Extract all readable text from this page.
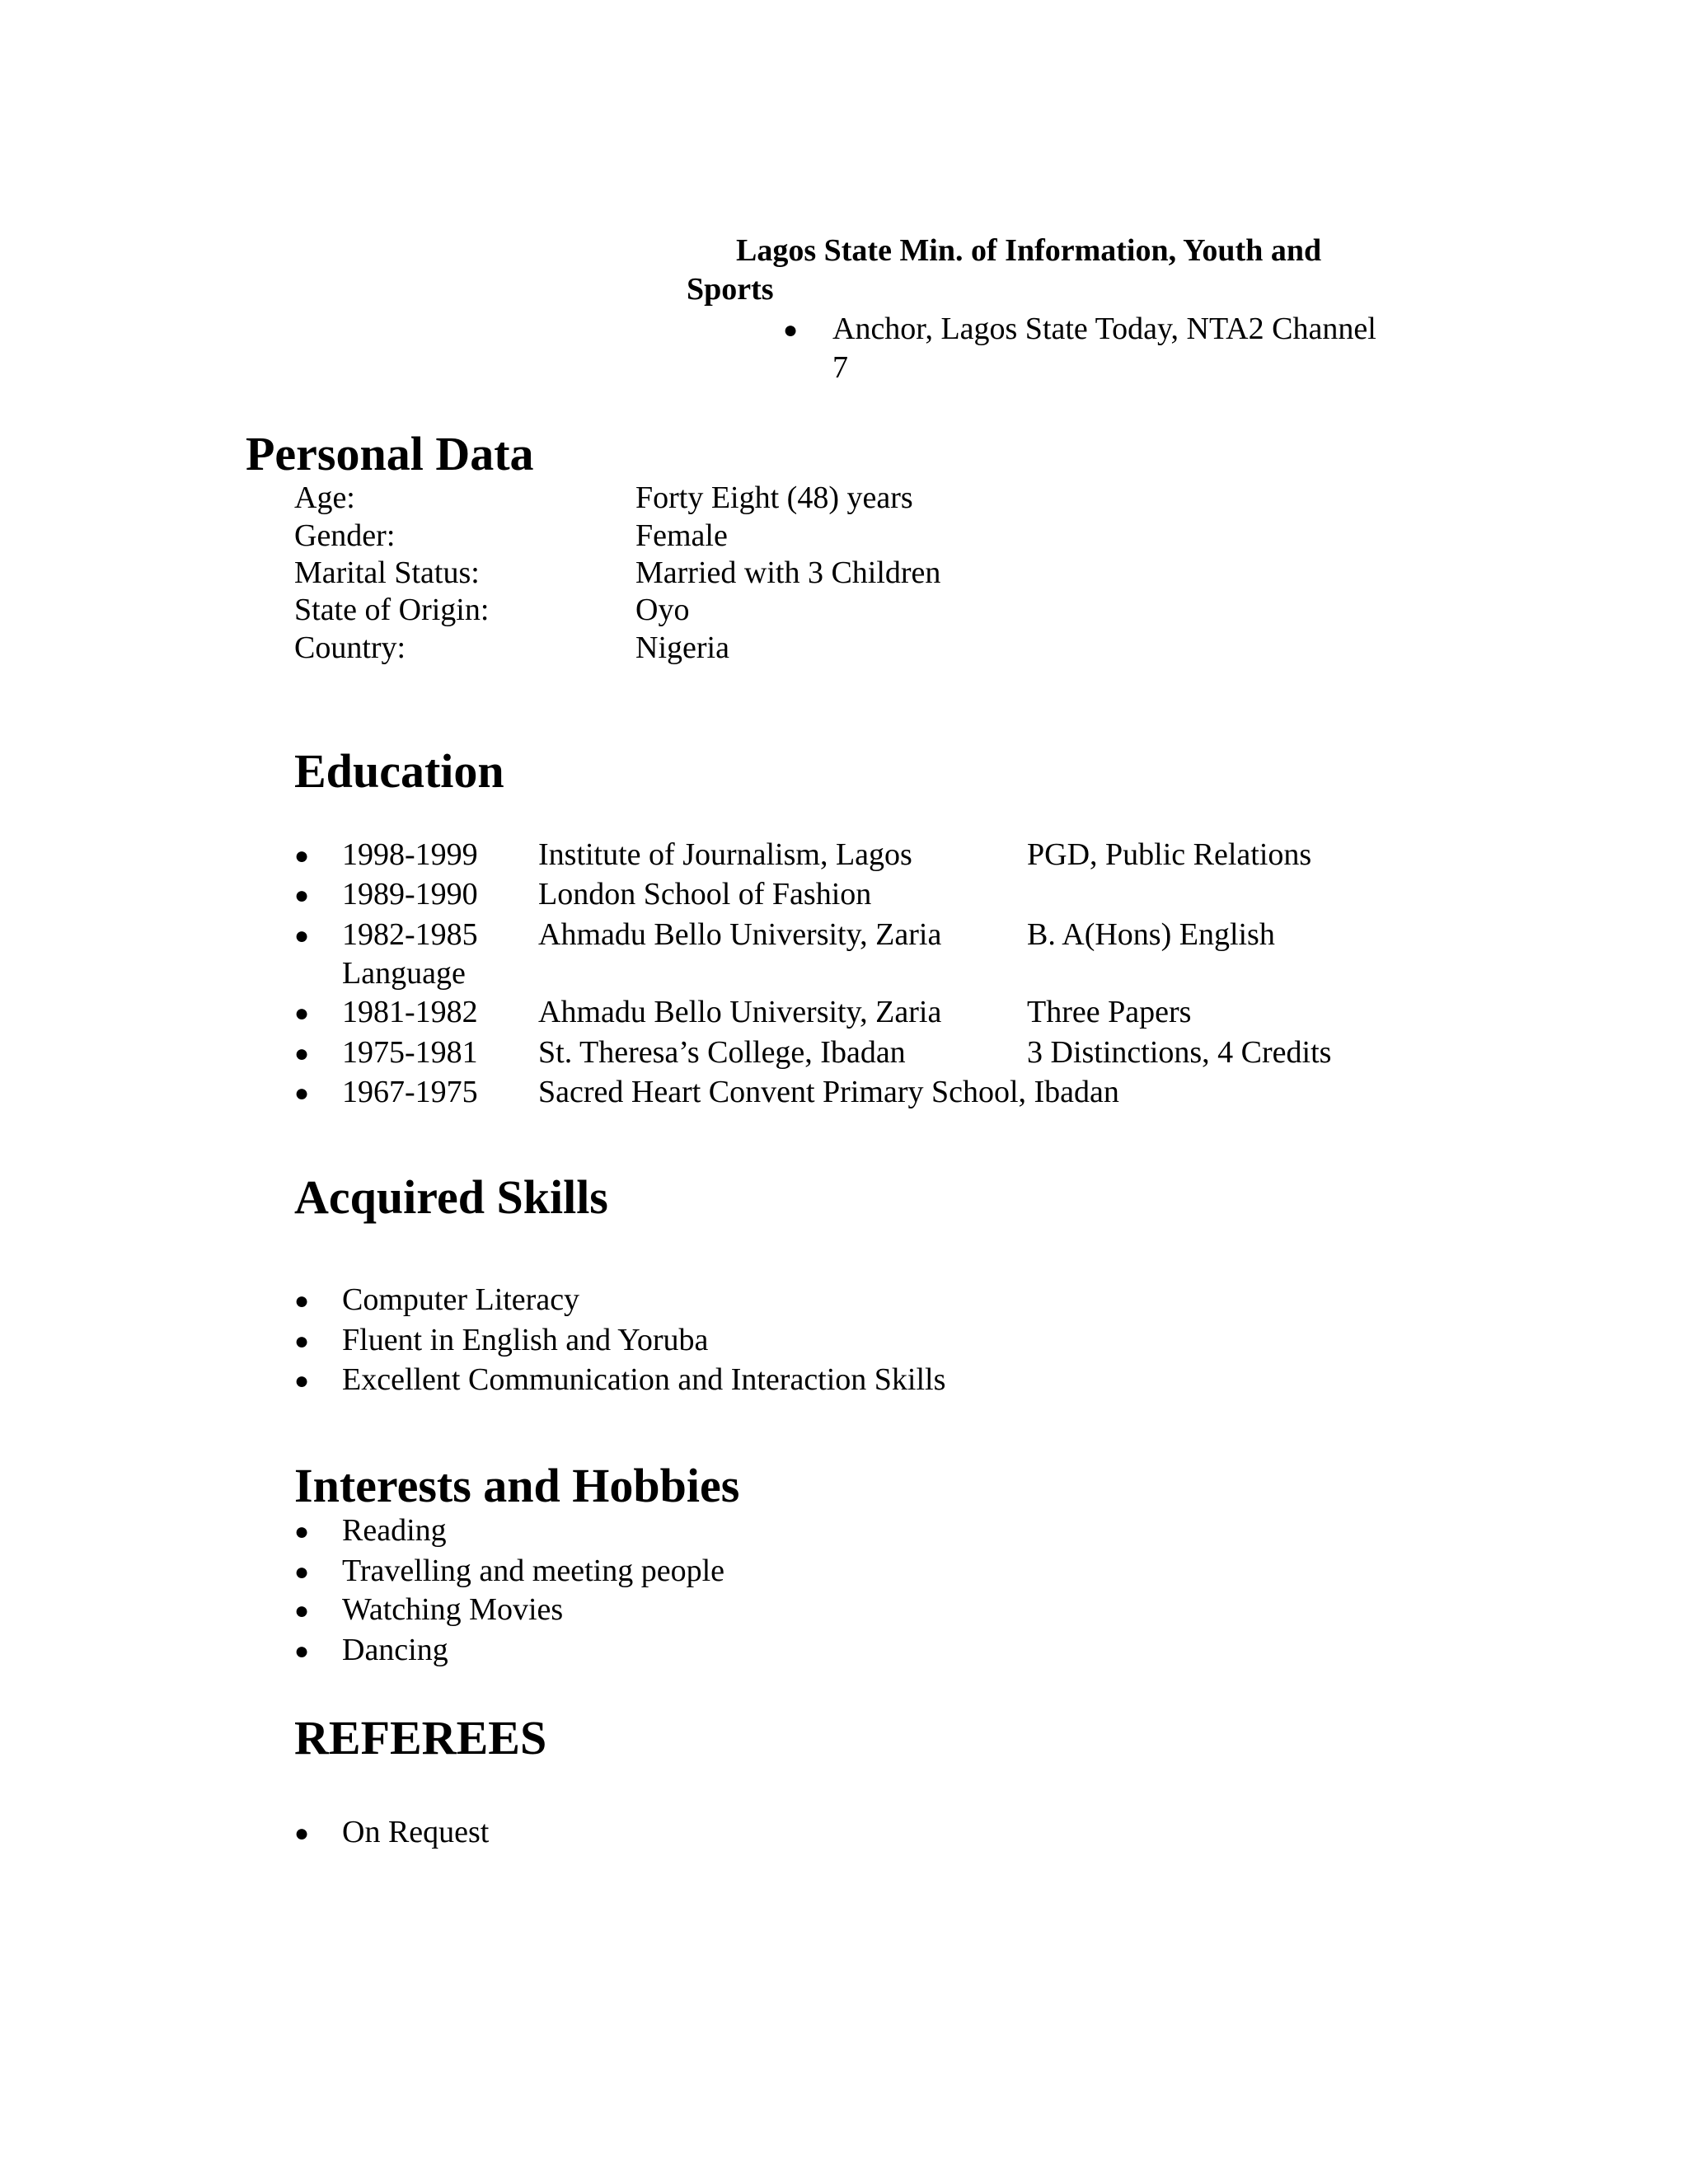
Lagos State Min. of Information, Youth and
Sports
● Anchor, Lagos State Today, NTA2 Channel
7
Personal Data
Age:	Forty Eight (48) years
Gender:	Female
Marital Status:	Married with 3 Children
State of Origin:	Oyo
Country:	Nigeria
Education
● 1998-1999 Institute of Journalism, Lagos	PGD, Public Relations
● 1989-1990 London School of Fashion
● 1982-1985 Ahmadu Bello University, Zaria	B. A(Hons) English
Language
● 1981-1982 Ahmadu Bello University, Zaria	Three Papers
● 1975-1981 St. Theresa’s College, Ibadan	3 Distinctions, 4 Credits
● 1967-1975 Sacred Heart Convent Primary School, Ibadan
Acquired Skills
● Computer Literacy
● Fluent in English and Yoruba
● Excellent Communication and Interaction Skills
Interests and Hobbies
● Reading
● Travelling and meeting people
● Watching Movies
● Dancing
REFEREES
● On Request
